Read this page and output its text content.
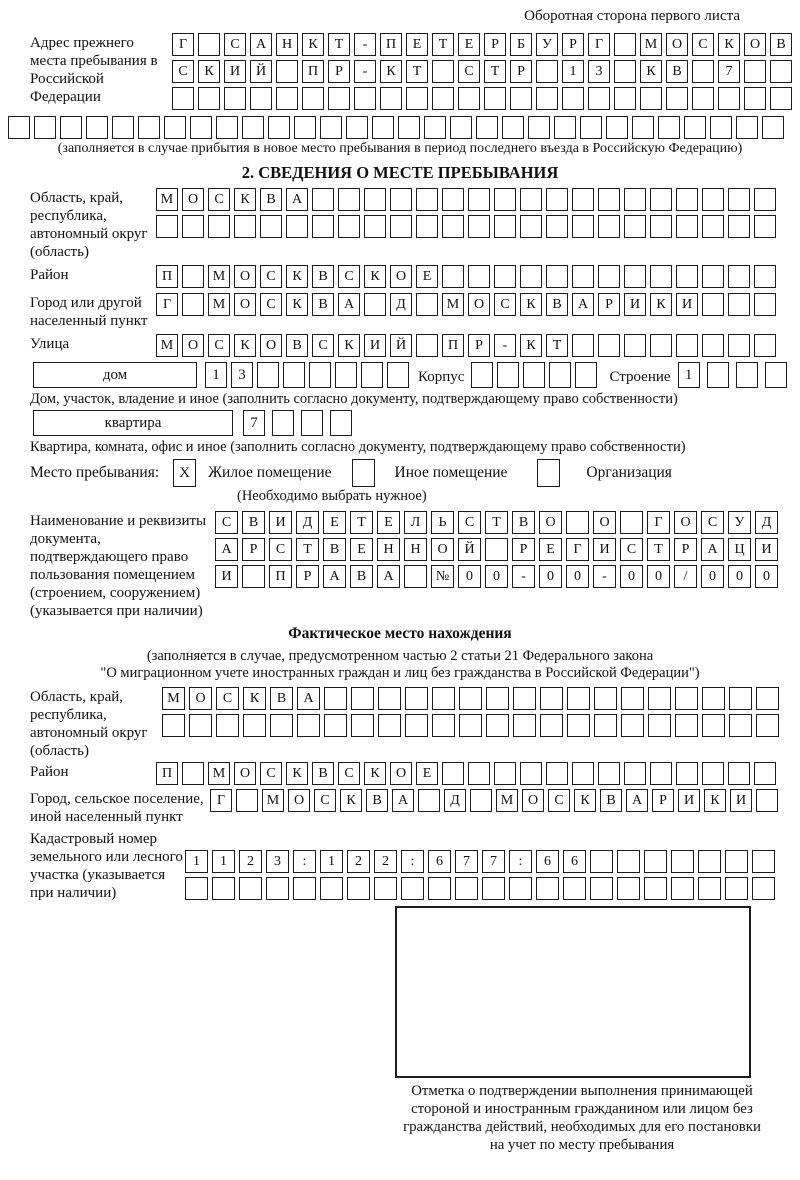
Оборотная сторона первого листа
Адрес прежнего места пребывания в Российской Федерации
Г	С	А	Н	К	Т	-	П	Е	Т	Е	Р	Б	У	Р	Г	М	О	С	К	О	В
С	К	И	Й	П	Р	-	К	Т	С	Т	Р	1	3	К	В	7
(заполняется в случае прибытия в новое место пребывания в период последнего въезда в Российскую Федерацию)
2. СВЕДЕНИЯ О МЕСТЕ ПРЕБЫВАНИЯ
Область, край, республика, автономный округ (область)
М	О	С	К	В	А
Район	П	М	О	С	К	В	С	К	О	Е
Город или другой населенный пункт
Г	М	О	С	К	В	А	Д	М	О	С	К	В	А	Р	И	К	И
Улица	М	О	С	К	О	В	С	К	И	Й	П	Р	-	К	Т
дом	1	3	Корпус	Строение 1
Дом, участок, владение и иное (заполнить согласно документу, подтверждающему право собственности)
квартира	7
Квартира, комната, офис и иное (заполнить согласно документу, подтверждающему право собственности)
Место пребывания:	X	Жилое помещение	Иное помещение	Организация
(Необходимо выбрать нужное)
Наименование и реквизиты документа, подтверждающего право пользования помещением (строением, сооружением) (указывается при наличии)
С	В	И	Д	Е	Т	Е	Л	Ь	С	Т	В	О	О	Г	О	С	У	Д
А	Р	С	Т	В	Е	Н	Н	О	Й	Р	Е	Г	И	С	Т	Р	А	Ц	И
И	П	Р	А	В	А	№	0	0	-	0	0	-	0	0	/	0	0	0
Фактическое место нахождения
(заполняется в случае, предусмотренном частью 2 статьи 21 Федерального закона
"О миграционном учете иностранных граждан и лиц без гражданства в Российской Федерации")
Область, край, республика, автономный округ (область)
М	О	С	К	В	А
Район	П	М	О	С	К	В	С	К	О	Е
Город, сельское поселение, иной населенный пункт
Г	М	О	С	К	В	А	Д	М	О	С	К	В	А	Р	И	К	И
Кадастровый номер земельного или лесного участка (указывается при наличии)
1	1	2	3	:	1	2	2	:	6	7	7	:	6	6
Отметка о подтверждении выполнения принимающей
стороной и иностранным гражданином или лицом без
гражданства действий, необходимых для его постановки
на учет по месту пребывания
